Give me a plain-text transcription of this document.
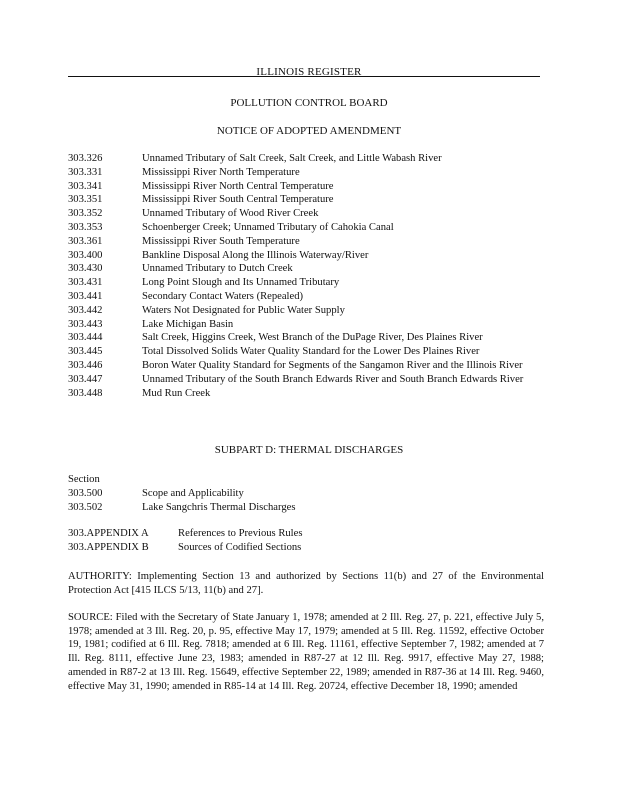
ILLINOIS REGISTER
POLLUTION CONTROL BOARD
NOTICE OF ADOPTED AMENDMENT
303.326	Unnamed Tributary of Salt Creek, Salt Creek, and Little Wabash River
303.331	Mississippi River North Temperature
303.341	Mississippi River North Central Temperature
303.351	Mississippi River South Central Temperature
303.352	Unnamed Tributary of Wood River Creek
303.353	Schoenberger Creek; Unnamed Tributary of Cahokia Canal
303.361	Mississippi River South Temperature
303.400	Bankline Disposal Along the Illinois Waterway/River
303.430	Unnamed Tributary to Dutch Creek
303.431	Long Point Slough and Its Unnamed Tributary
303.441	Secondary Contact Waters (Repealed)
303.442	Waters Not Designated for Public Water Supply
303.443	Lake Michigan Basin
303.444	Salt Creek, Higgins Creek, West Branch of the DuPage River, Des Plaines River
303.445	Total Dissolved Solids Water Quality Standard for the Lower Des Plaines River
303.446	Boron Water Quality Standard for Segments of the Sangamon River and the Illinois River
303.447	Unnamed Tributary of the South Branch Edwards River and South Branch Edwards River
303.448	Mud Run Creek
SUBPART D: THERMAL DISCHARGES
Section
303.500	Scope and Applicability
303.502	Lake Sangchris Thermal Discharges
303.APPENDIX A	References to Previous Rules
303.APPENDIX B	Sources of Codified Sections
AUTHORITY: Implementing Section 13 and authorized by Sections 11(b) and 27 of the Environmental Protection Act [415 ILCS 5/13, 11(b) and 27].
SOURCE: Filed with the Secretary of State January 1, 1978; amended at 2 Ill. Reg. 27, p. 221, effective July 5, 1978; amended at 3 Ill. Reg. 20, p. 95, effective May 17, 1979; amended at 5 Ill. Reg. 11592, effective October 19, 1981; codified at 6 Ill. Reg. 7818; amended at 6 Ill. Reg. 11161, effective September 7, 1982; amended at 7 Ill. Reg. 8111, effective June 23, 1983; amended in R87-27 at 12 Ill. Reg. 9917, effective May 27, 1988; amended in R87-2 at 13 Ill. Reg. 15649, effective September 22, 1989; amended in R87-36 at 14 Ill. Reg. 9460, effective May 31, 1990; amended in R85-14 at 14 Ill. Reg. 20724, effective December 18, 1990; amended
